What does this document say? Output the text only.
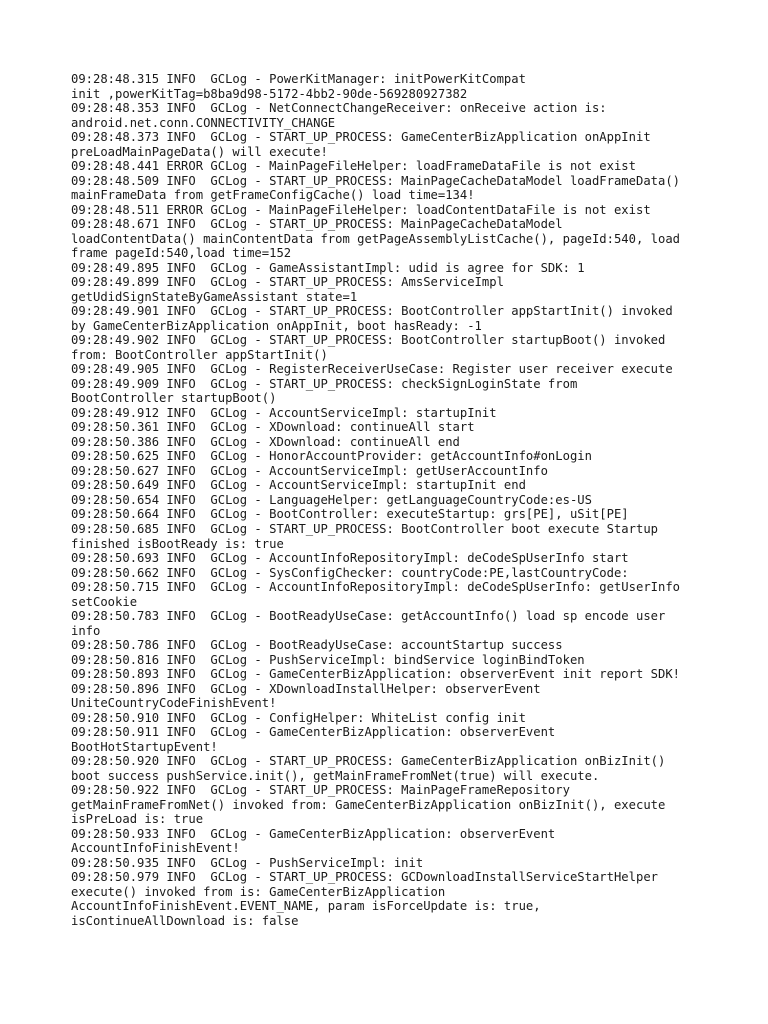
09:28:48.315 INFO  GCLog - PowerKitManager: initPowerKitCompat
init ,powerKitTag=b8ba9d98-5172-4bb2-90de-569280927382
09:28:48.353 INFO  GCLog - NetConnectChangeReceiver: onReceive action is:
android.net.conn.CONNECTIVITY_CHANGE
09:28:48.373 INFO  GCLog - START_UP_PROCESS: GameCenterBizApplication onAppInit
preLoadMainPageData() will execute!
09:28:48.441 ERROR GCLog - MainPageFileHelper: loadFrameDataFile is not exist
09:28:48.509 INFO  GCLog - START_UP_PROCESS: MainPageCacheDataModel loadFrameData()
mainFrameData from getFrameConfigCache() load time=134!
09:28:48.511 ERROR GCLog - MainPageFileHelper: loadContentDataFile is not exist
09:28:48.671 INFO  GCLog - START_UP_PROCESS: MainPageCacheDataModel
loadContentData() mainContentData from getPageAssemblyListCache(), pageId:540, load
frame pageId:540,load time=152
09:28:49.895 INFO  GCLog - GameAssistantImpl: udid is agree for SDK: 1
09:28:49.899 INFO  GCLog - START_UP_PROCESS: AmsServiceImpl
getUdidSignStateByGameAssistant state=1
09:28:49.901 INFO  GCLog - START_UP_PROCESS: BootController appStartInit() invoked
by GameCenterBizApplication onAppInit, boot hasReady: -1
09:28:49.902 INFO  GCLog - START_UP_PROCESS: BootController startupBoot() invoked
from: BootController appStartInit()
09:28:49.905 INFO  GCLog - RegisterReceiverUseCase: Register user receiver execute
09:28:49.909 INFO  GCLog - START_UP_PROCESS: checkSignLoginState from
BootController startupBoot()
09:28:49.912 INFO  GCLog - AccountServiceImpl: startupInit
09:28:50.361 INFO  GCLog - XDownload: continueAll start
09:28:50.386 INFO  GCLog - XDownload: continueAll end
09:28:50.625 INFO  GCLog - HonorAccountProvider: getAccountInfo#onLogin
09:28:50.627 INFO  GCLog - AccountServiceImpl: getUserAccountInfo
09:28:50.649 INFO  GCLog - AccountServiceImpl: startupInit end
09:28:50.654 INFO  GCLog - LanguageHelper: getLanguageCountryCode:es-US
09:28:50.664 INFO  GCLog - BootController: executeStartup: grs[PE], uSit[PE]
09:28:50.685 INFO  GCLog - START_UP_PROCESS: BootController boot execute Startup
finished isBootReady is: true
09:28:50.693 INFO  GCLog - AccountInfoRepositoryImpl: deCodeSpUserInfo start
09:28:50.662 INFO  GCLog - SysConfigChecker: countryCode:PE,lastCountryCode:
09:28:50.715 INFO  GCLog - AccountInfoRepositoryImpl: deCodeSpUserInfo: getUserInfo
setCookie
09:28:50.783 INFO  GCLog - BootReadyUseCase: getAccountInfo() load sp encode user
info
09:28:50.786 INFO  GCLog - BootReadyUseCase: accountStartup success
09:28:50.816 INFO  GCLog - PushServiceImpl: bindService loginBindToken
09:28:50.893 INFO  GCLog - GameCenterBizApplication: observerEvent init report SDK!
09:28:50.896 INFO  GCLog - XDownloadInstallHelper: observerEvent
UniteCountryCodeFinishEvent!
09:28:50.910 INFO  GCLog - ConfigHelper: WhiteList config init
09:28:50.911 INFO  GCLog - GameCenterBizApplication: observerEvent
BootHotStartupEvent!
09:28:50.920 INFO  GCLog - START_UP_PROCESS: GameCenterBizApplication onBizInit()
boot success pushService.init(), getMainFrameFromNet(true) will execute.
09:28:50.922 INFO  GCLog - START_UP_PROCESS: MainPageFrameRepository
getMainFrameFromNet() invoked from: GameCenterBizApplication onBizInit(), execute
isPreLoad is: true
09:28:50.933 INFO  GCLog - GameCenterBizApplication: observerEvent
AccountInfoFinishEvent!
09:28:50.935 INFO  GCLog - PushServiceImpl: init
09:28:50.979 INFO  GCLog - START_UP_PROCESS: GCDownloadInstallServiceStartHelper
execute() invoked from is: GameCenterBizApplication
AccountInfoFinishEvent.EVENT_NAME, param isForceUpdate is: true,
isContinueAllDownload is: false
